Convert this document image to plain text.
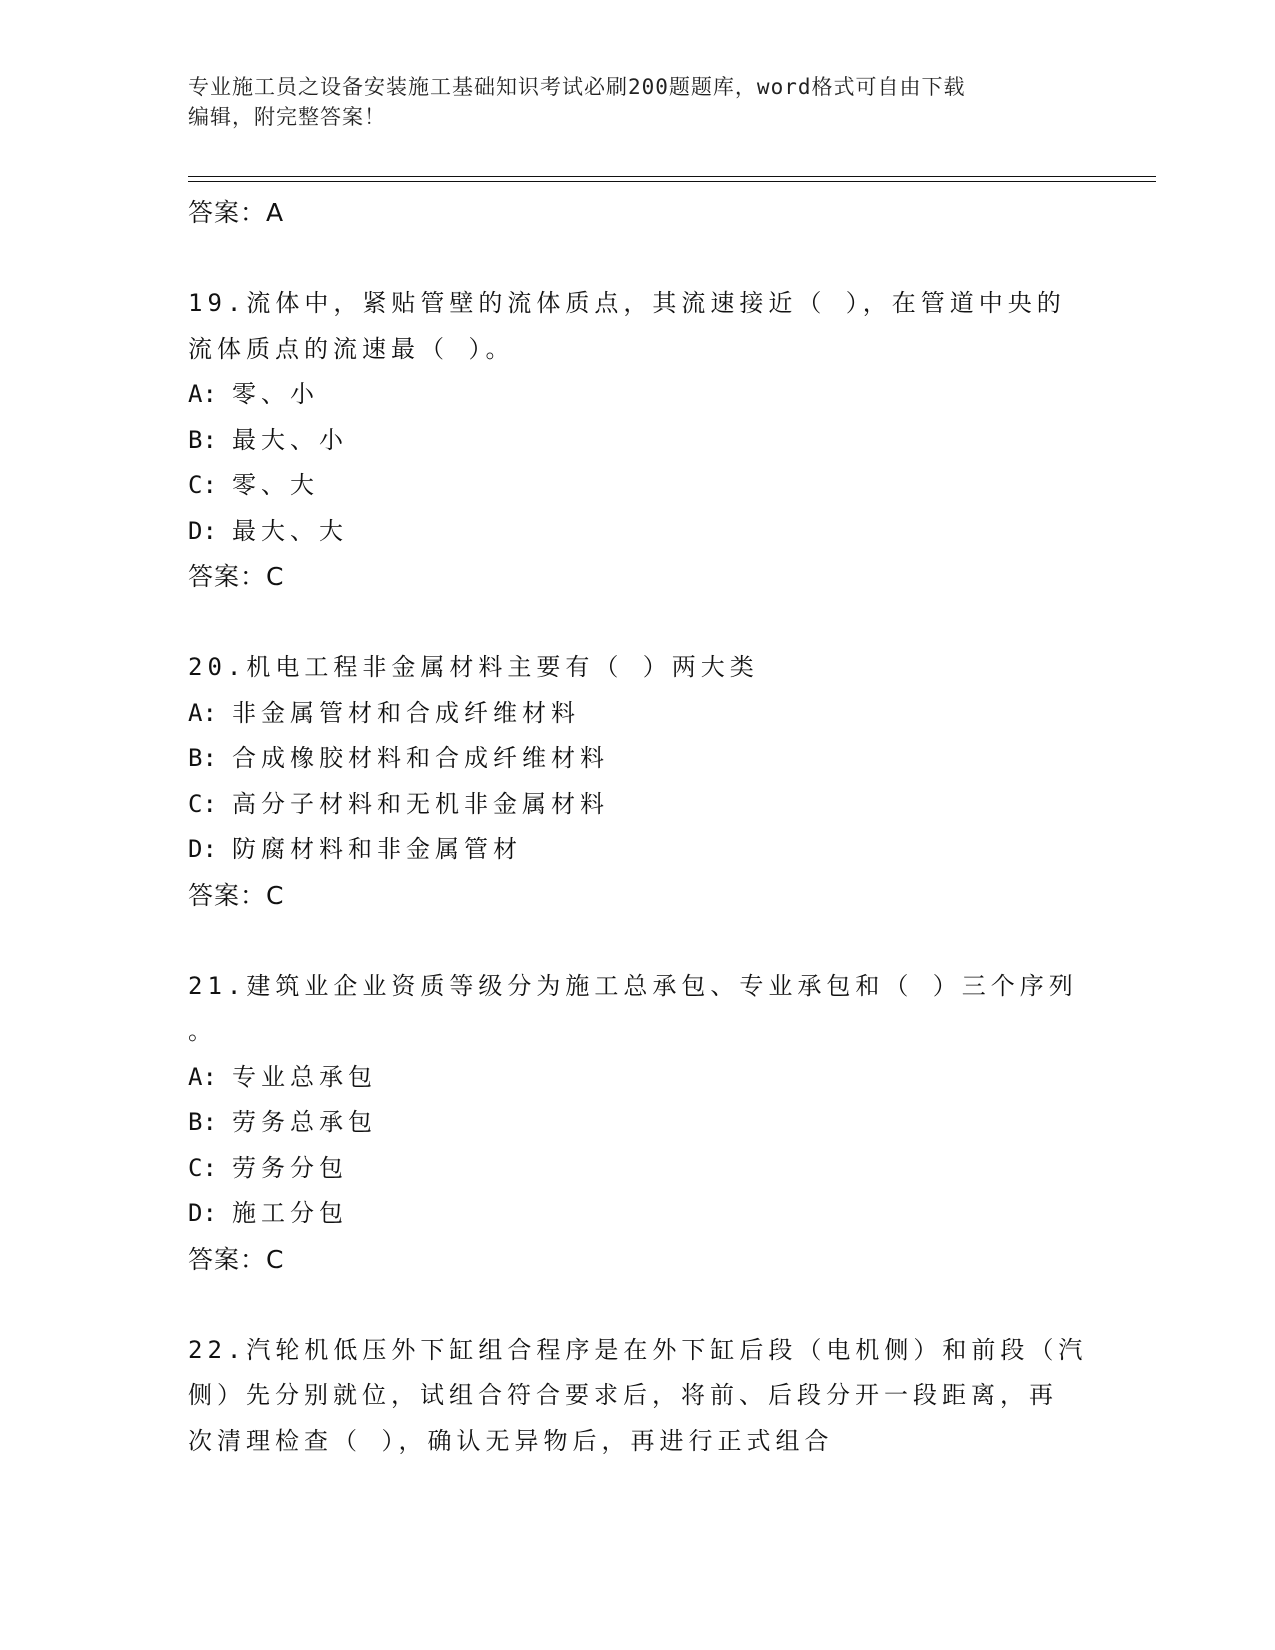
专业施工员之设备安装施工基础知识考试必刷200题题库，word格式可自由下载
编辑，附完整答案！
答案：A
19.流体中，紧贴管壁的流体质点，其流速接近（ ），在管道中央的
流体质点的流速最（ ）。
A: 零、小
B: 最大、小
C: 零、大
D: 最大、大
答案：C
20.机电工程非金属材料主要有（ ）两大类
A: 非金属管材和合成纤维材料
B: 合成橡胶材料和合成纤维材料
C: 高分子材料和无机非金属材料
D: 防腐材料和非金属管材
答案：C
21.建筑业企业资质等级分为施工总承包、专业承包和（ ）三个序列
。
A: 专业总承包
B: 劳务总承包
C: 劳务分包
D: 施工分包
答案：C
22.汽轮机低压外下缸组合程序是在外下缸后段（电机侧）和前段（汽
侧）先分别就位，试组合符合要求后，将前、后段分开一段距离，再
次清理检查（ ），确认无异物后，再进行正式组合
